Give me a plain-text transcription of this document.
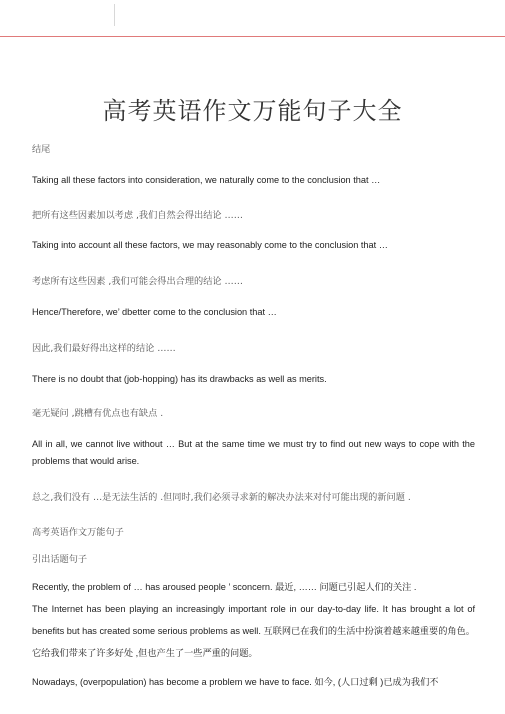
高考英语作文万能句子大全
结尾
Taking all these factors into consideration, we naturally come to the conclusion that …
把所有这些因素加以考虑 ,我们自然会得出结论 ……
Taking into account all these factors, we may reasonably come to the conclusion that …
考虑所有这些因素 ,我们可能会得出合理的结论 ……
Hence/Therefore, we’ dbetter come to the conclusion that …
因此,我们最好得出这样的结论 ……
There is no doubt that (job-hopping) has its drawbacks as well as merits.
毫无疑问 ,跳槽有优点也有缺点 .
All in all, we cannot live without … But at the same time we must try to find out new ways to cope with the problems that would arise.
总之,我们没有 …是无法生活的 .但同时,我们必须寻求新的解决办法来对付可能出现的新问题 .
高考英语作文万能句子
引出话题句子
Recently, the problem of … has aroused people ’ sconcern. 最近, …… 问题已引起人们的关注 .
The Internet has been playing an increasingly important role in our day-to-day life. It has brought a lot of benefits but has created some serious problems as well. 互联网已在我们的生活中扮演着越来越重要的角色。它给我们带来了许多好处 ,但也产生了一些严重的问题。
Nowadays, (overpopulation) has become a problem we have to face. 如今, (人口过剩 )已成为我们不
